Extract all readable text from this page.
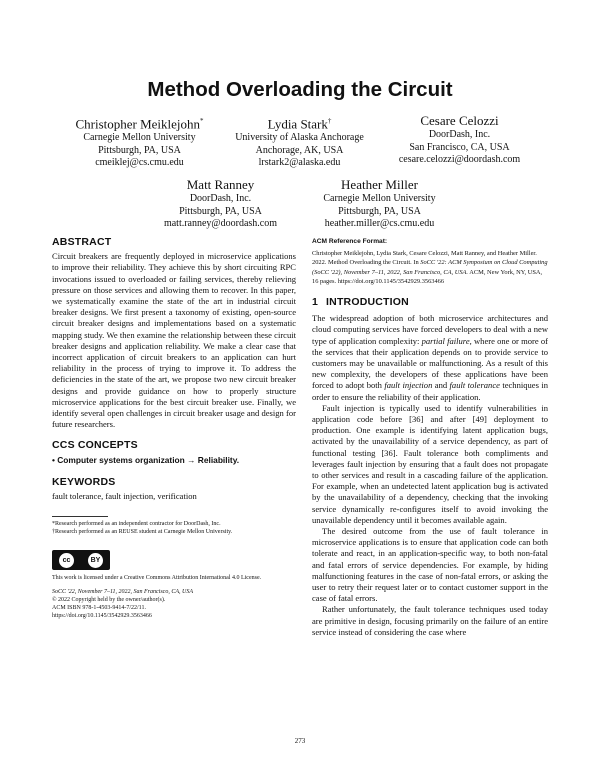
Method Overloading the Circuit
Christopher Meiklejohn*
Carnegie Mellon University
Pittsburgh, PA, USA
cmeiklej@cs.cmu.edu
Lydia Stark†
University of Alaska Anchorage
Anchorage, AK, USA
lrstark2@alaska.edu
Cesare Celozzi
DoorDash, Inc.
San Francisco, CA, USA
cesare.celozzi@doordash.com
Matt Ranney
DoorDash, Inc.
Pittsburgh, PA, USA
matt.ranney@doordash.com
Heather Miller
Carnegie Mellon University
Pittsburgh, PA, USA
heather.miller@cs.cmu.edu
ABSTRACT

Circuit breakers are frequently deployed in microservice applications to improve their reliability. They achieve this by short circuiting RPC invocations issued to overloaded or failing services, thereby relieving pressure on those services and allowing them to recover. In this paper, we systematically examine the state of the art in industrial circuit breaker designs. We first present a taxonomy of existing, open-source circuit breaker designs and implementations based on a systematic mapping study. We then examine the relationship between these circuit breaker designs and application reliability. We make a clear case that incorrect application of circuit breakers to an application can hurt reliability in the process of trying to improve it. To address the deficiencies in the state of the art, we propose two new circuit breaker designs and provide guidance on how to properly structure microservice applications for the best circuit breaker use. Finally, we identify several open challenges in circuit breaker usage and design for future researchers.

CCS CONCEPTS
• Computer systems organization → Reliability.
KEYWORDS

fault tolerance, fault injection, verification

*Research performed as an independent contractor for DoorDash, Inc.
†Research performed as an REUSE student at Carnegie Mellon University.
cc	BY
This work is licensed under a Creative Commons Attribution International 4.0 License.
SoCC '22, November 7–11, 2022, San Francisco, CA, USA
© 2022 Copyright held by the owner/author(s).
ACM ISBN 978-1-4503-9414-7/22/11.
https://doi.org/10.1145/3542929.3563466
ACM Reference Format:
Christopher Meiklejohn, Lydia Stark, Cesare Celozzi, Matt Ranney, and Heather Miller. 2022. Method Overloading the Circuit. In SoCC '22: ACM Symposium on Cloud Computing (SoCC '22), November 7–11, 2022, San Francisco, CA, USA. ACM, New York, NY, USA, 16 pages. https://doi.org/10.1145/3542929.3563466
1 INTRODUCTION

The widespread adoption of both microservice architectures and cloud computing services have forced developers to deal with a new type of application complexity: partial failure, where one or more of the services that their application depends on to provide service to customers may be unavailable or malfunctioning. As a result of this new complexity, the developers of these applications have been forced to adopt both fault injection and fault tolerance techniques in order to ensure the reliability of their application.

Fault injection is typically used to identify vulnerabilities in application code before [36] and after [49] deployment to production. One example is identifying latent application bugs, activated by the unavailability of a service dependency, as part of functional testing [36]. Fault tolerance both compliments and leverages fault injection by ensuring that a fault does not propagate to other services and result in a cascading failure of the application. For example, when an undetected latent application bug is activated by the unavailability of a dependency, checking that the invoking service dynamically re-configures itself to avoid invoking the unavailable dependency until it becomes available again.

The desired outcome from the use of fault tolerance in microservice applications is to ensure that application code can both tolerate and react, in an application-specific way, to both non-fatal and fatal errors of service dependencies. For example, by hiding malfunctioning features in the case of non-fatal errors, or asking the user to retry their request later or to contact customer support in the case of fatal errors.

Rather unfortunately, the fault tolerance techniques used today are primitive in design, focusing primarily on the failure of an entire service instead of considering the case where

273
